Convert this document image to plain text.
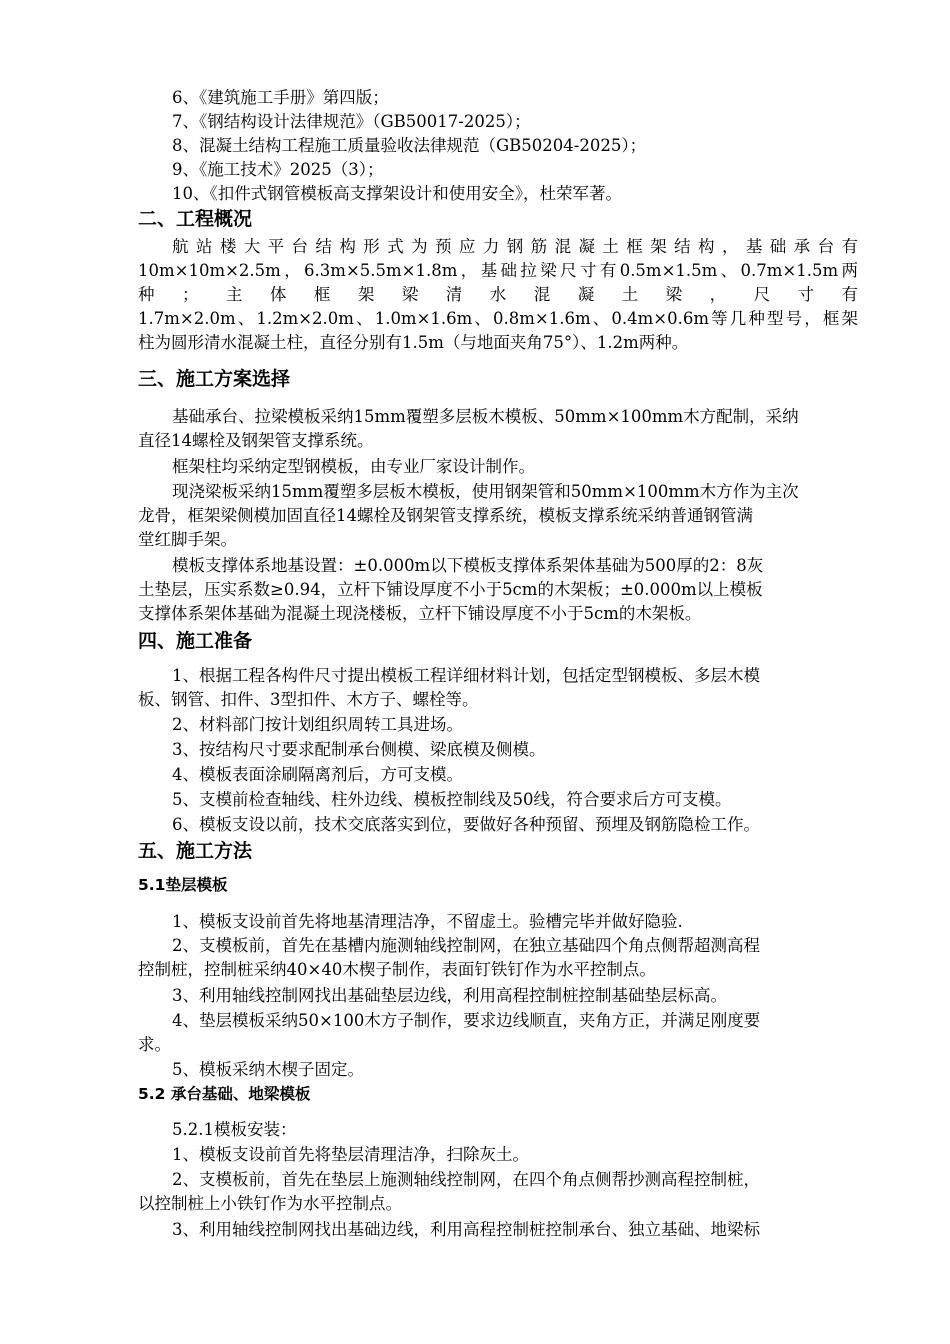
6、《建筑施工手册》第四版；
7、《钢结构设计法律规范》（GB50017-2025）；
8、混凝土结构工程施工质量验收法律规范（GB50204-2025）；
9、《施工技术》2025（3）；
10、《扣件式钢管模板高支撑架设计和使用安全》，杜荣军著。
二、工程概况
航站楼大平台结构形式为预应力钢筋混凝土框架结构，基础承台有
10m×10m×2.5m，6.3m×5.5m×1.8m，基础拉梁尺寸有0.5m×1.5m、0.7m×1.5m两
种；主体框架梁清水混凝土梁，尺寸有
1.7m×2.0m、1.2m×2.0m、1.0m×1.6m、0.8m×1.6m、0.4m×0.6m等几种型号，框架
柱为圆形清水混凝土柱，直径分别有1.5m（与地面夹角75°）、1.2m两种。
三、施工方案选择
基础承台、拉梁模板采纳15mm覆塑多层板木模板、50mm×100mm木方配制，采纳
直径14螺栓及钢架管支撑系统。
框架柱均采纳定型钢模板，由专业厂家设计制作。
现浇梁板采纳15mm覆塑多层板木模板，使用钢架管和50mm×100mm木方作为主次
龙骨，框架梁侧模加固直径14螺栓及钢架管支撑系统，模板支撑系统采纳普通钢管满
堂红脚手架。
模板支撑体系地基设置：±0.000m以下模板支撑体系架体基础为500厚的2：8灰
土垫层，压实系数≥0.94，立杆下铺设厚度不小于5cm的木架板；±0.000m以上模板
支撑体系架体基础为混凝土现浇楼板，立杆下铺设厚度不小于5cm的木架板。
四、施工准备
1、根据工程各构件尺寸提出模板工程详细材料计划，包括定型钢模板、多层木模
板、钢管、扣件、3型扣件、木方子、螺栓等。
2、材料部门按计划组织周转工具进场。
3、按结构尺寸要求配制承台侧模、梁底模及侧模。
4、模板表面涂刷隔离剂后，方可支模。
5、支模前检查轴线、柱外边线、模板控制线及50线，符合要求后方可支模。
6、模板支设以前，技术交底落实到位，要做好各种预留、预埋及钢筋隐检工作。
五、施工方法
5.1垫层模板
1、模板支设前首先将地基清理洁净，不留虚土。验槽完毕并做好隐验.
2、支模板前，首先在基槽内施测轴线控制网，在独立基础四个角点侧帮超测高程
控制桩，控制桩采纳40×40木楔子制作，表面钉铁钉作为水平控制点。
3、利用轴线控制网找出基础垫层边线，利用高程控制桩控制基础垫层标高。
4、垫层模板采纳50×100木方子制作，要求边线顺直，夹角方正，并满足刚度要
求。
5、模板采纳木楔子固定。
5.2 承台基础、地梁模板
5.2.1模板安装：
1、模板支设前首先将垫层清理洁净，扫除灰土。
2、支模板前，首先在垫层上施测轴线控制网，在四个角点侧帮抄测高程控制桩，
以控制桩上小铁钉作为水平控制点。
3、利用轴线控制网找出基础边线，利用高程控制桩控制承台、独立基础、地梁标
